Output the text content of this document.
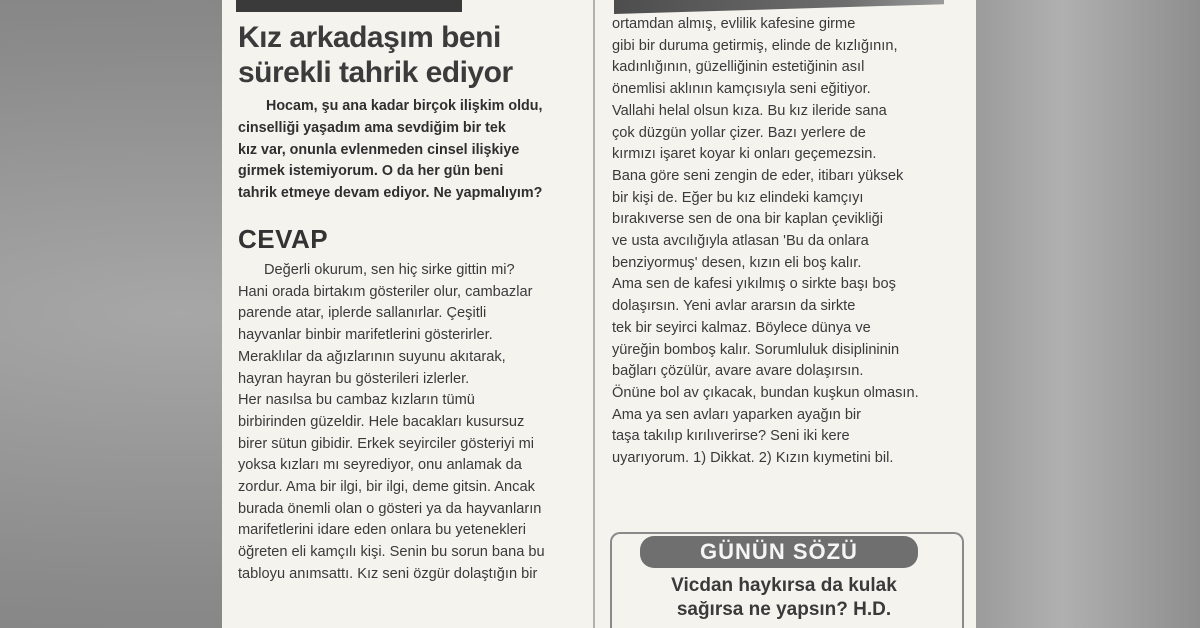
Kız arkadaşım beni
sürekli tahrik ediyor
Hocam, şu ana kadar birçok ilişkim oldu,
cinselliği yaşadım ama sevdiğim bir tek
kız var, onunla evlenmeden cinsel ilişkiye
girmek istemiyorum. O da her gün beni
tahrik etmeye devam ediyor. Ne yapmalıyım?
CEVAP
Değerli okurum, sen hiç sirke gittin mi?
Hani orada birtakım gösteriler olur, cambazlar
parende atar, iplerde sallanırlar. Çeşitli
hayvanlar binbir marifetlerini gösterirler.
Meraklılar da ağızlarının suyunu akıtarak,
hayran hayran bu gösterileri izlerler.
Her nasılsa bu cambaz kızların tümü
birbirinden güzeldir. Hele bacakları kusursuz
birer sütun gibidir. Erkek seyirciler gösteriyi mi
yoksa kızları mı seyrediyor, onu anlamak da
zordur. Ama bir ilgi, bir ilgi, deme gitsin. Ancak
burada önemli olan o gösteri ya da hayvanların
marifetlerini idare eden onlara bu yetenekleri
öğreten eli kamçılı kişi. Senin bu sorun bana bu
tabloyu anımsattı. Kız seni özgür dolaştığın bir
ortamdan almış, evlilik kafesine girme
gibi bir duruma getirmiş, elinde de kızlığının,
kadınlığının, güzelliğinin estetiğinin asıl
önemlisi aklının kamçısıyla seni eğitiyor.
Vallahi helal olsun kıza. Bu kız ileride sana
çok düzgün yollar çizer. Bazı yerlere de
kırmızı işaret koyar ki onları geçemezsin.
Bana göre seni zengin de eder, itibarı yüksek
bir kişi de. Eğer bu kız elindeki kamçıyı
bırakıverse sen de ona bir kaplan çevikliği
ve usta avcılığıyla atlasan 'Bu da onlara
benziyormuş' desen, kızın eli boş kalır.
Ama sen de kafesi yıkılmış o sirkte başı boş
dolaşırsın. Yeni avlar ararsın da sirkte
tek bir seyirci kalmaz. Böylece dünya ve
yüreğin bomboş kalır. Sorumluluk disiplininin
bağları çözülür, avare avare dolaşırsın.
Önüne bol av çıkacak, bundan kuşkun olmasın.
Ama ya sen avları yaparken ayağın bir
taşa takılıp kırılıverirse? Seni iki kere
uyarıyorum. 1) Dikkat. 2) Kızın kıymetini bil.
GÜNÜN SÖZÜ
Vicdan haykırsa da kulak
sağırsa ne yapsın? H.D.
